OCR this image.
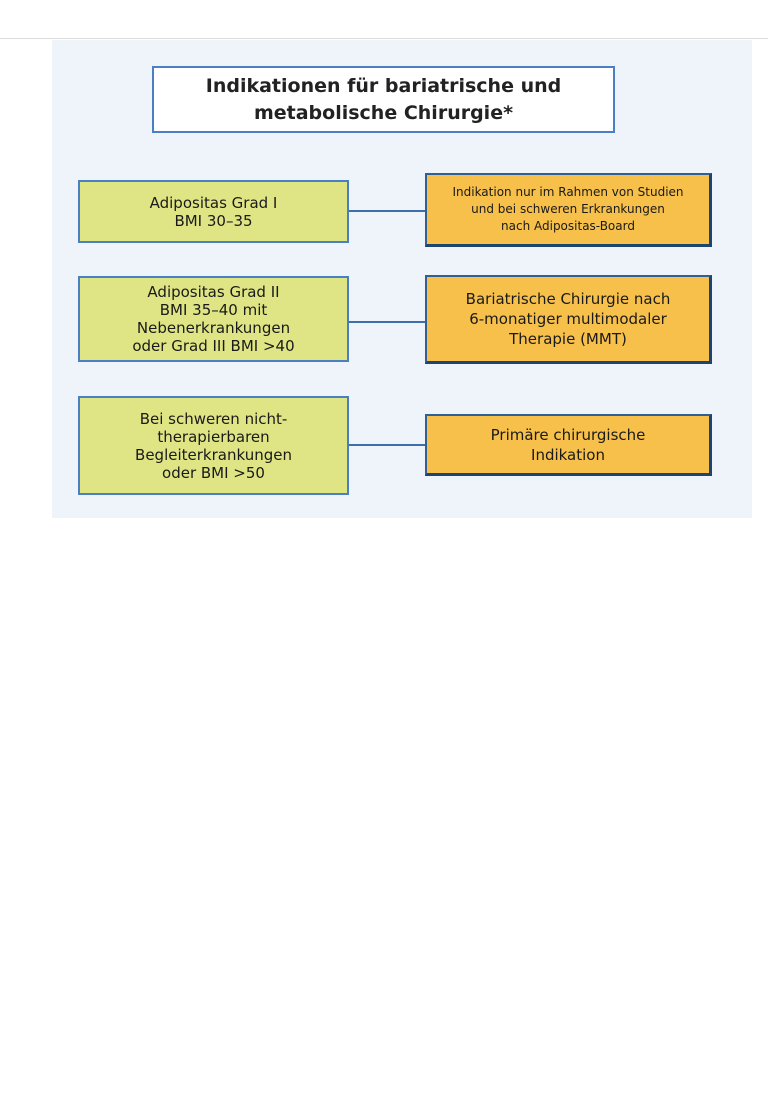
Indikationen für bariatrische und
metabolische Chirurgie*
Adipositas Grad I
BMI 30–35
Indikation nur im Rahmen von Studien
und bei schweren Erkrankungen
nach Adipositas-Board
Adipositas Grad II
BMI 35–40 mit
Nebenerkrankungen
oder Grad III BMI >40
Bariatrische Chirurgie nach
6-monatiger multimodaler
Therapie (MMT)
Bei schweren nicht-
therapierbaren
Begleiterkrankungen
oder BMI >50
Primäre chirurgische
Indikation
